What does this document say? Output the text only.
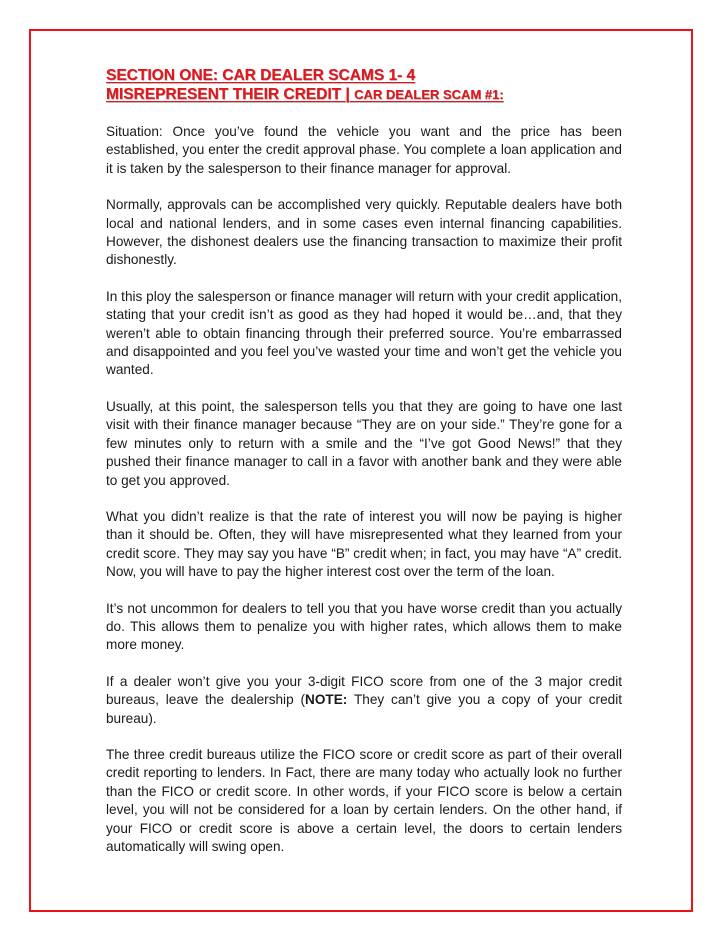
SECTION ONE: CAR DEALER SCAMS 1- 4
MISREPRESENT THEIR CREDIT | CAR DEALER SCAM #1:

Situation: Once you’ve found the vehicle you want and the price has been established, you enter the credit approval phase. You complete a loan application and it is taken by the salesperson to their finance manager for approval.

Normally, approvals can be accomplished very quickly. Reputable dealers have both local and national lenders, and in some cases even internal financing capabilities. However, the dishonest dealers use the financing transaction to maximize their profit dishonestly.

In this ploy the salesperson or finance manager will return with your credit application, stating that your credit isn’t as good as they had hoped it would be…and, that they weren’t able to obtain financing through their preferred source. You’re embarrassed and disappointed and you feel you’ve wasted your time and won’t get the vehicle you wanted.

Usually, at this point, the salesperson tells you that they are going to have one last visit with their finance manager because “They are on your side.” They’re gone for a few minutes only to return with a smile and the “I’ve got Good News!” that they pushed their finance manager to call in a favor with another bank and they were able to get you approved.

What you didn’t realize is that the rate of interest you will now be paying is higher than it should be. Often, they will have misrepresented what they learned from your credit score. They may say you have “B” credit when; in fact, you may have “A” credit. Now, you will have to pay the higher interest cost over the term of the loan.

It’s not uncommon for dealers to tell you that you have worse credit than you actually do. This allows them to penalize you with higher rates, which allows them to make more money.

If a dealer won’t give you your 3-digit FICO score from one of the 3 major credit bureaus, leave the dealership (NOTE: They can’t give you a copy of your credit bureau).

The three credit bureaus utilize the FICO score or credit score as part of their overall credit reporting to lenders. In Fact, there are many today who actually look no further than the FICO or credit score. In other words, if your FICO score is below a certain level, you will not be considered for a loan by certain lenders. On the other hand, if your FICO or credit score is above a certain level, the doors to certain lenders automatically will swing open.
